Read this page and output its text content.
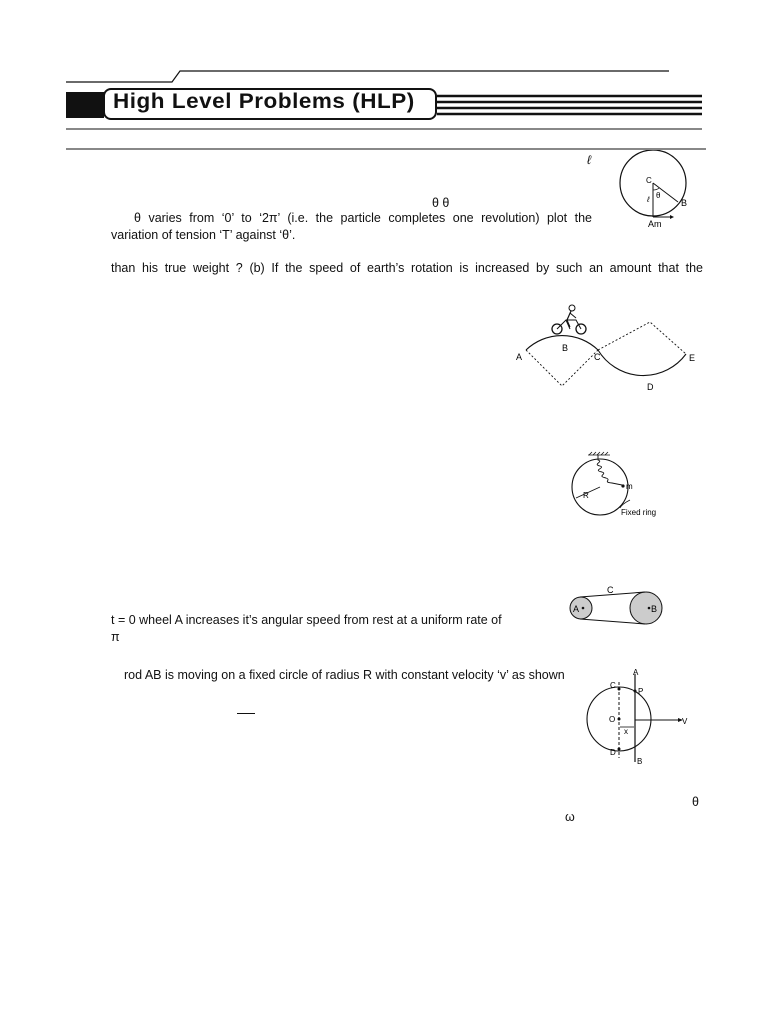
High Level Problems (HLP)
ℓ
θ θ
θ varies from ‘0’ to ‘2π’ (i.e. the particle completes one revolution) plot the
variation of tension ‘T’ against ‘θ’.
C
θ
ℓ	B
Am
than his true weight ? (b) If the speed of earth’s rotation is increased by such an amount that the
A
B
C
D
E
R
m
Fixed ring
t = 0 wheel A increases it’s angular speed from rest at a uniform rate of
π
A	B
C
rod AB is moving on a fixed circle of radius R with constant velocity ‘v’ as shown	A
C
P
O
x
V
D
B
θ
ω
